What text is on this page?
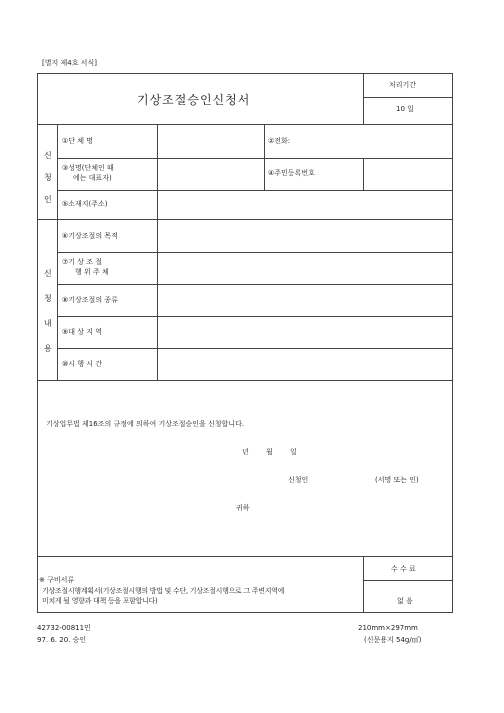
[별지 제4호 서식]
기상조절승인신청서
처리기간
10 일
신
청
인
①단 체 명	②전화:
③성명(단체인 때
에는 대표자)
④주민등록번호
⑤소재지(주소)
신
청
내
용
⑥기상조절의 목적
⑦기 상 조 절
행 위 주 체
⑧기상조절의 종류
⑨대 상 지 역
⑩시 행 시 간
기상업무법 제16조의 규정에 의하여 기상조절승인을 신청합니다.
년 월 일
신청인	(서명 또는 인)
귀하
※ 구비서류
기상조절시행계획서(기상조절시행의 방법 및 수단, 기상조절시행으로 그 주변지역에
미치게 될 영향과 대책 등을 포함합니다)
수 수 료
없 음
42732-00811민
97. 6. 20. 승인
210mm×297mm
(신문용지 54g/㎡)
